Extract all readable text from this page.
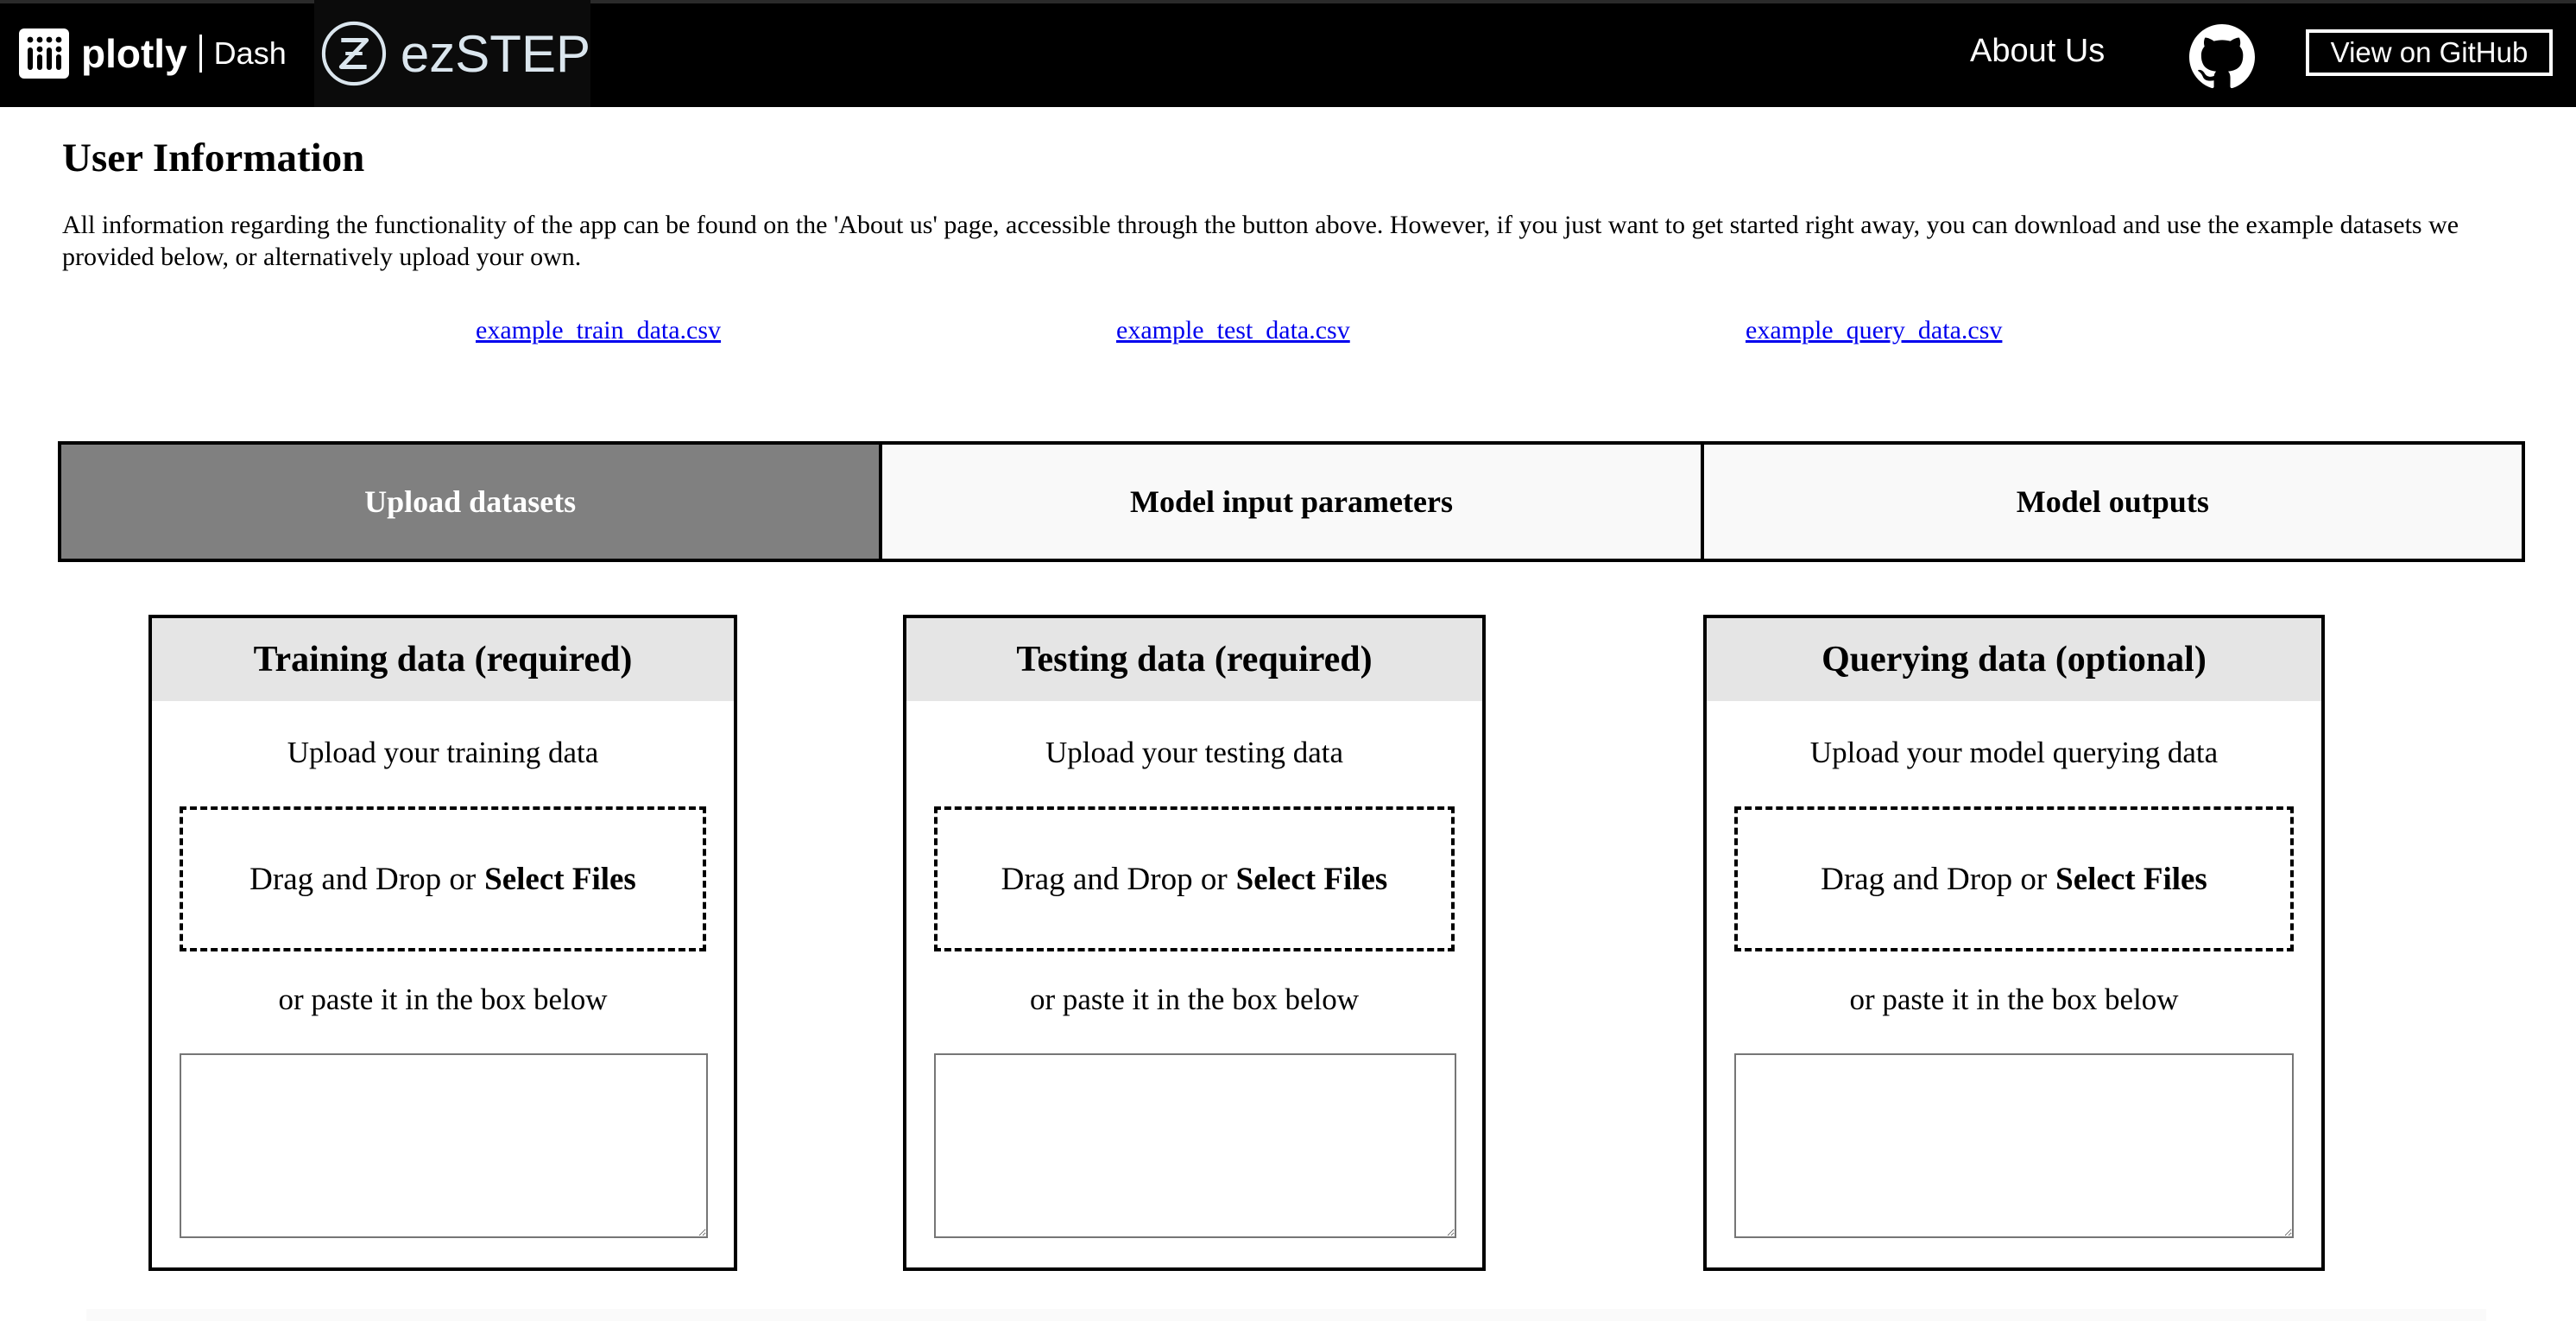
plotly Dash ezSTEP	About Us	View on GitHub
User Information
All information regarding the functionality of the app can be found on the 'About us' page, accessible through the button above. However, if you just want to get started right away, you can download and use the example datasets we provided below, or alternatively upload your own.
example_train_data.csv	example_test_data.csv	example_query_data.csv
Upload datasets	Model input parameters	Model outputs
Training data (required)
Upload your training data
Drag and Drop or Select Files
or paste it in the box below
Testing data (required)
Upload your testing data
Drag and Drop or Select Files
or paste it in the box below
Querying data (optional)
Upload your model querying data
Drag and Drop or Select Files
or paste it in the box below
